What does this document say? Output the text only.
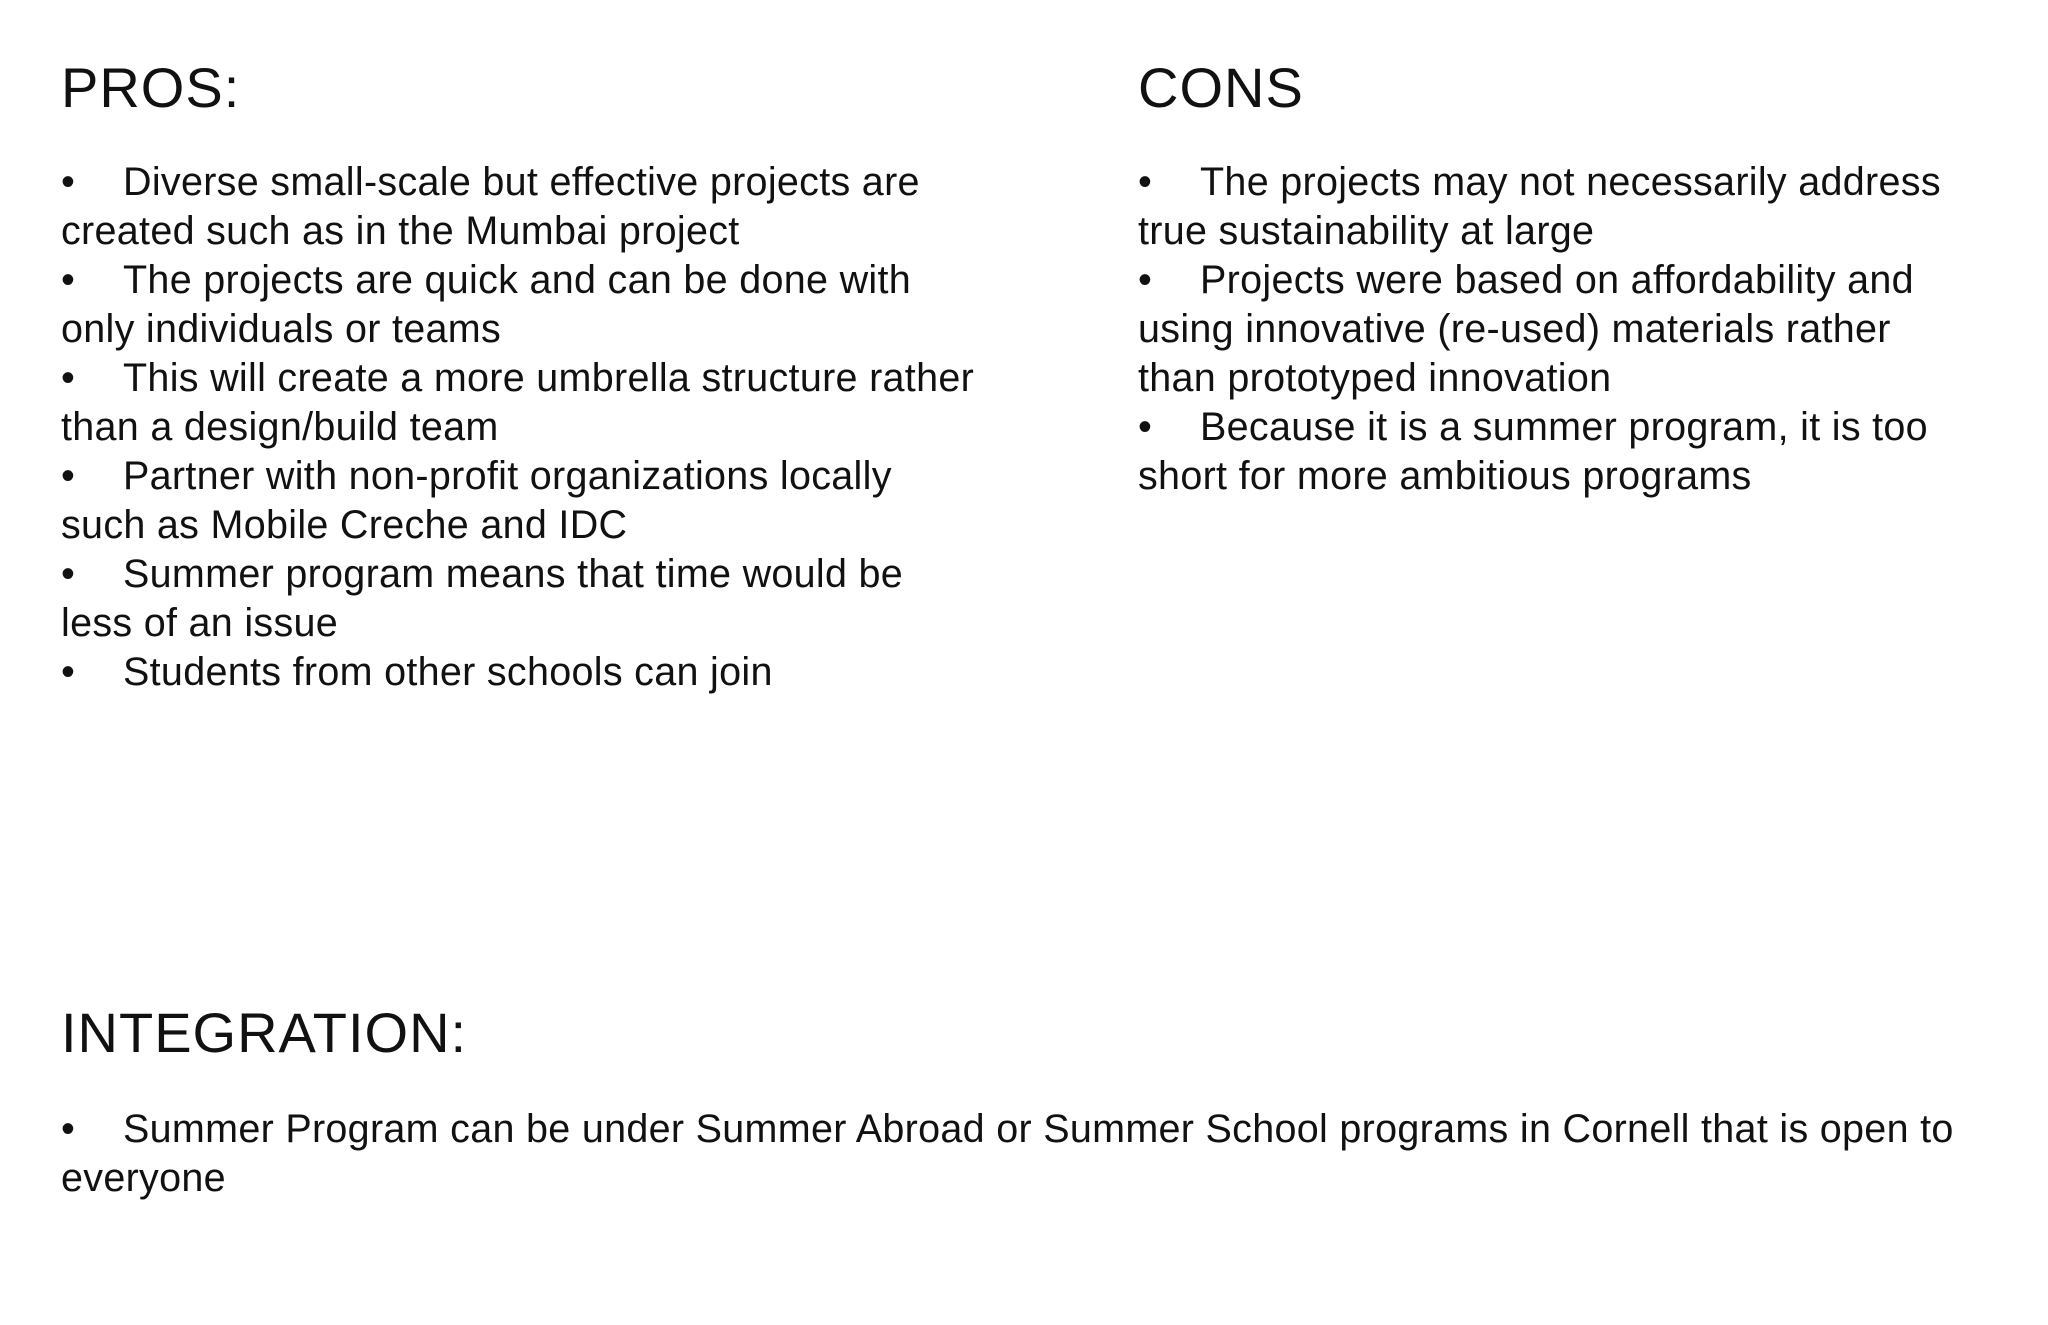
PROS:
• Diverse small-scale but effective projects are created such as in the Mumbai project
• The projects are quick and can be done with only individuals or teams
• This will create a more umbrella structure rather than a design/build team
• Partner with non-profit organizations locally such as Mobile Creche and IDC
• Summer program means that time would be less of an issue
• Students from other schools can join
CONS
• The projects may not necessarily address true sustainability at large
• Projects were based on affordability and using innovative (re-used) materials rather than prototyped innovation
• Because it is a summer program, it is too short for more ambitious programs
INTEGRATION:
• Summer Program can be under Summer Abroad or Summer School programs in Cornell that is open to everyone
